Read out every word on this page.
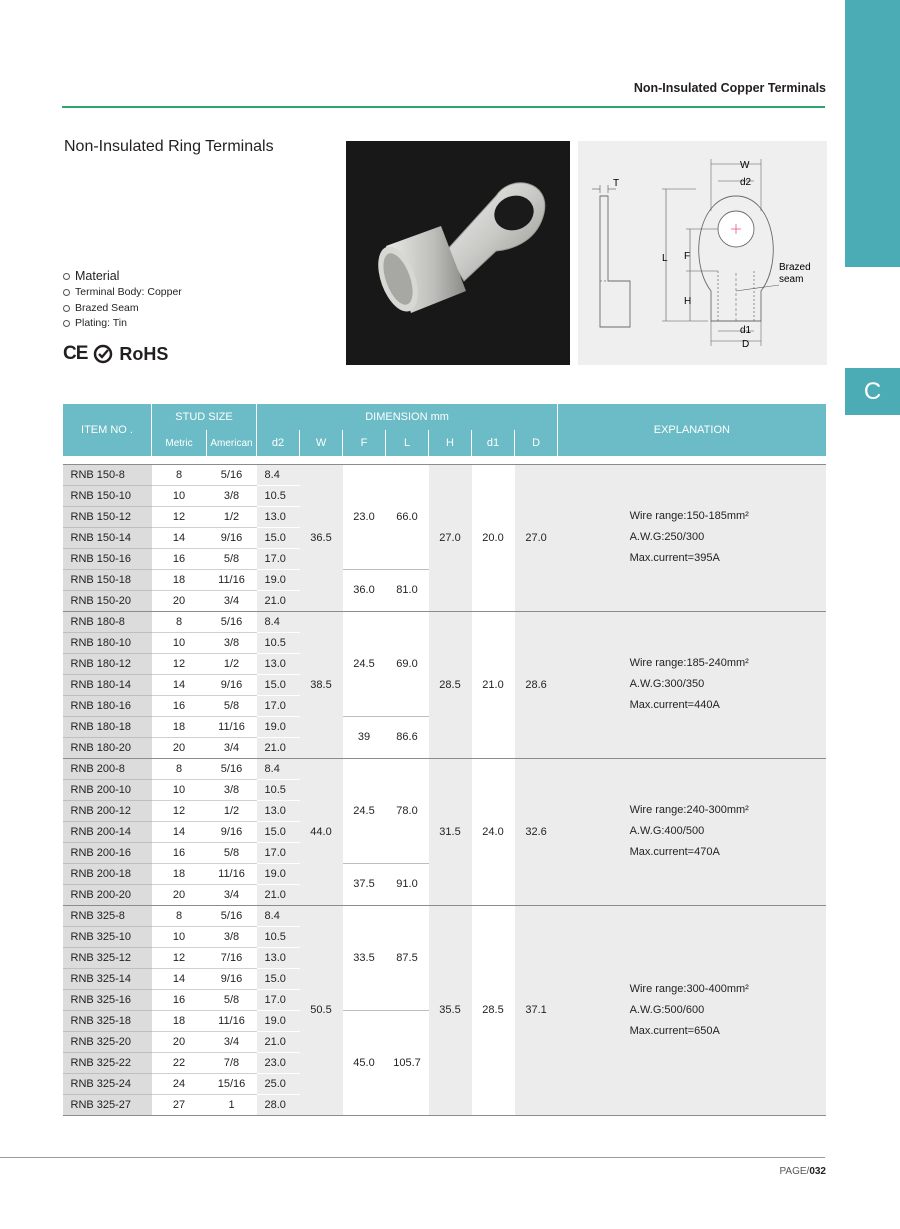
C
Non-Insulated Copper Terminals
Non-Insulated Ring Terminals
Material
Terminal Body: Copper
Brazed Seam
Plating: Tin
CE RoHS
T
W
d2
L F
H
d1
D
Brazed
seam
ITEM NO .	STUD SIZE		DIMENSION mm							EXPLANATION
	Metric	American	d2	W	F	L	H	d1	D	

RNB 150-8	8	5/16	8.4	36.5	23.0	66.0	27.0	20.0	27.0	Wire range:150-185mm²
A.W.G:250/300
Max.current=395A

RNB 150-10	10	3/8	10.5							
RNB 150-12	12	1/2	13.0							
RNB 150-14	14	9/16	15.0							
RNB 150-16	16	5/8	17.0							
RNB 150-18	18	11/16	19.0		36.0	81.0				
RNB 150-20	20	3/4	21.0							
RNB 180-8	8	5/16	8.4	38.5	24.5	69.0	28.5	21.0	28.6	Wire range:185-240mm²
A.W.G:300/350
Max.current=440A

RNB 180-10	10	3/8	10.5							
RNB 180-12	12	1/2	13.0							
RNB 180-14	14	9/16	15.0							
RNB 180-16	16	5/8	17.0							
RNB 180-18	18	11/16	19.0		39	86.6				
RNB 180-20	20	3/4	21.0							
RNB 200-8	8	5/16	8.4	44.0	24.5	78.0	31.5	24.0	32.6	Wire range:240-300mm²
A.W.G:400/500
Max.current=470A

RNB 200-10	10	3/8	10.5							
RNB 200-12	12	1/2	13.0							
RNB 200-14	14	9/16	15.0							
RNB 200-16	16	5/8	17.0							
RNB 200-18	18	11/16	19.0		37.5	91.0				
RNB 200-20	20	3/4	21.0							
RNB 325-8	8	5/16	8.4	50.5	33.5	87.5	35.5	28.5	37.1	Wire range:300-400mm²
A.W.G:500/600
Max.current=650A

RNB 325-10	10	3/8	10.5							
RNB 325-12	12	7/16	13.0							
RNB 325-14	14	9/16	15.0							
RNB 325-16	16	5/8	17.0							
RNB 325-18	18	11/16	19.0		45.0	105.7				
RNB 325-20	20	3/4	21.0							
RNB 325-22	22	7/8	23.0							
RNB 325-24	24	15/16	25.0							
RNB 325-27	27	1	28.0							
PAGE/032
